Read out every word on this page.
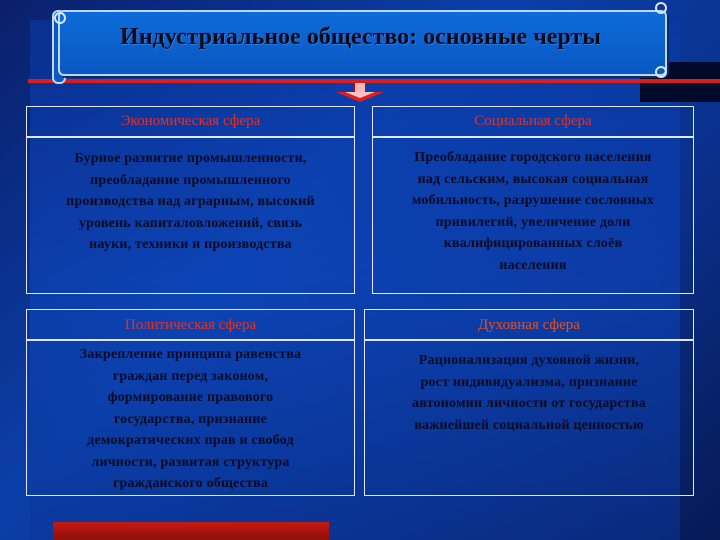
Индустриальное общество: основные черты
Экономическая сфера
Бурное развитие промышленности,
преобладание промышленного
производства над аграрным, высокий
уровень капиталовложений, связь
науки, техники и производства
Социальная сфера
Преобладание городского населения
над сельским, высокая социальная
мобильность, разрушение сословных
привилегий, увеличение доли
квалифицированных слоёв
населения
Политическая сфера
Закрепление принципа равенства
граждан перед законом,
формирование правового
государства, признание
демократических прав и свобод
личности, развитая структура
гражданского общества
Духовная сфера
Рационализация духовной жизни,
рост индивидуализма, признание
автономии личности от государства
важнейшей социальной ценностью
